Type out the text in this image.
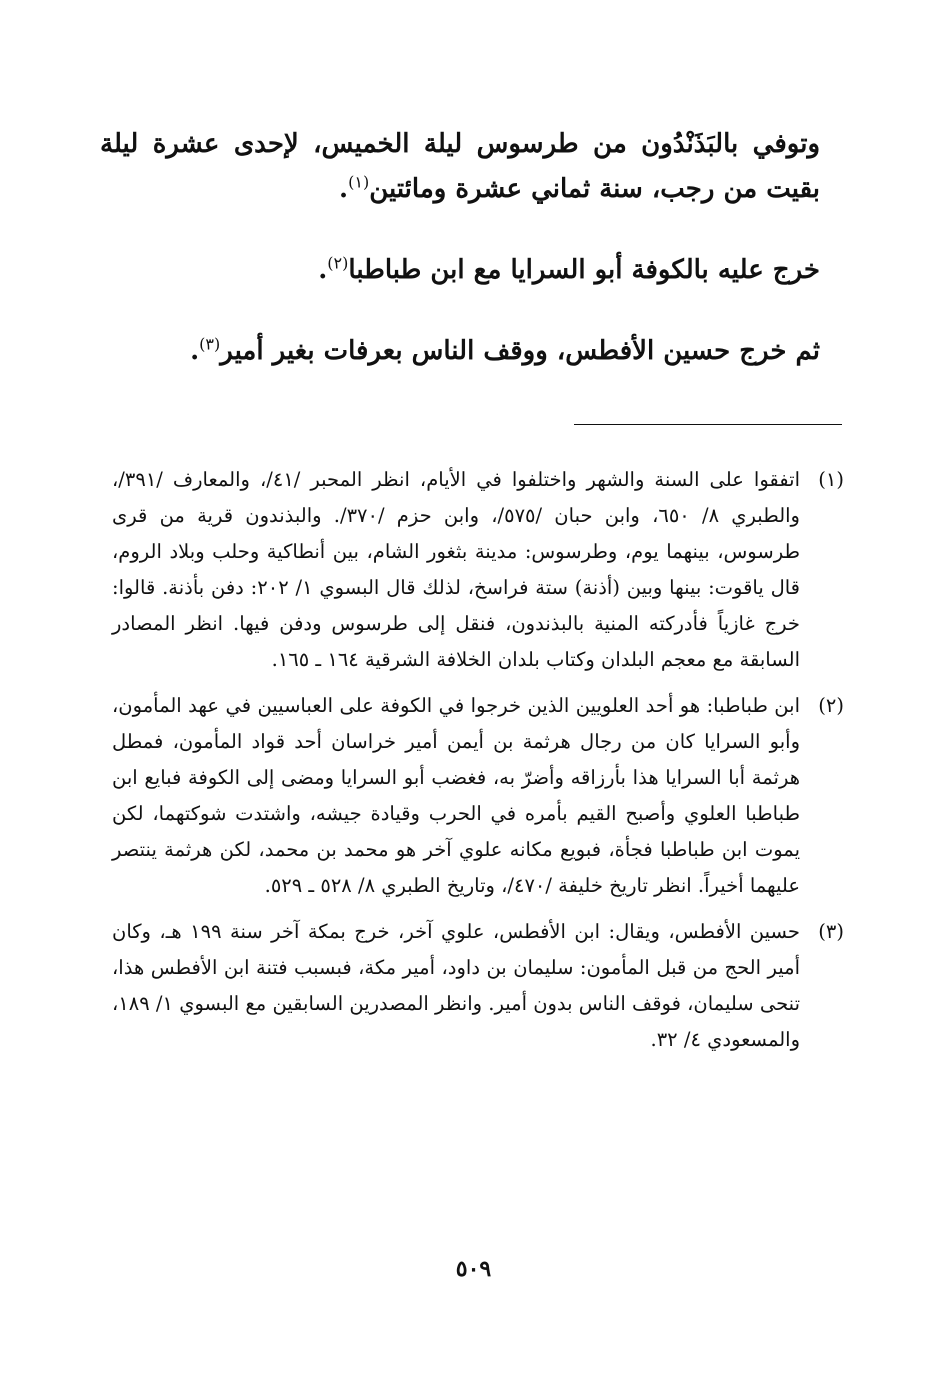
وتوفي بالبَذَنْدُون من طرسوس ليلة الخميس، لإحدى عشرة ليلة بقيت من رجب، سنة ثماني عشرة ومائتين$^{(١)}$.

خرج عليه بالكوفة أبو السرايا مع ابن طباطبا$^{(٢)}$.

ثم خرج حسين الأفطس، ووقف الناس بعرفات بغير أمير$^{(٣)}$.

(١)
اتفقوا على السنة والشهر واختلفوا في الأيام، انظر المحبر /٤١/، والمعارف /٣٩١/، والطبري ٨/ ٦٥٠، وابن حبان /٥٧٥/، وابن حزم /٣٧٠/. والبذندون قرية من قرى طرسوس، بينهما يوم، وطرسوس: مدينة بثغور الشام، بين أنطاكية وحلب وبلاد الروم، قال ياقوت: بينها وبين (أذنة) ستة فراسخ، لذلك قال البسوي ١/ ٢٠٢: دفن بأذنة. قالوا: خرج غازياً فأدركته المنية بالبذندون، فنقل إلى طرسوس ودفن فيها. انظر المصادر السابقة مع معجم البلدان وكتاب بلدان الخلافة الشرقية ١٦٤ ـ ١٦٥.
(٢)
ابن طباطبا: هو أحد العلويين الذين خرجوا في الكوفة على العباسيين في عهد المأمون، وأبو السرايا كان من رجال هرثمة بن أيمن أمير خراسان أحد قواد المأمون، فمطل هرثمة أبا السرايا هذا بأرزاقه وأضرّ به، فغضب أبو السرايا ومضى إلى الكوفة فبايع ابن طباطبا العلوي وأصبح القيم بأمره في الحرب وقيادة جيشه، واشتدت شوكتهما، لكن يموت ابن طباطبا فجأة، فبويع مكانه علوي آخر هو محمد بن محمد، لكن هرثمة ينتصر عليهما أخيراً. انظر تاريخ خليفة /٤٧٠/، وتاريخ الطبري ٨/ ٥٢٨ ـ ٥٢٩.
(٣)
حسين الأفطس، ويقال: ابن الأفطس، علوي آخر، خرج بمكة آخر سنة ١٩٩ هـ، وكان أمير الحج من قبل المأمون: سليمان بن داود، أمير مكة، فبسبب فتنة ابن الأفطس هذا، تنحى سليمان، فوقف الناس بدون أمير. وانظر المصدرين السابقين مع البسوي ١/ ١٨٩، والمسعودي ٤/ ٣٢.
٥٠٩
